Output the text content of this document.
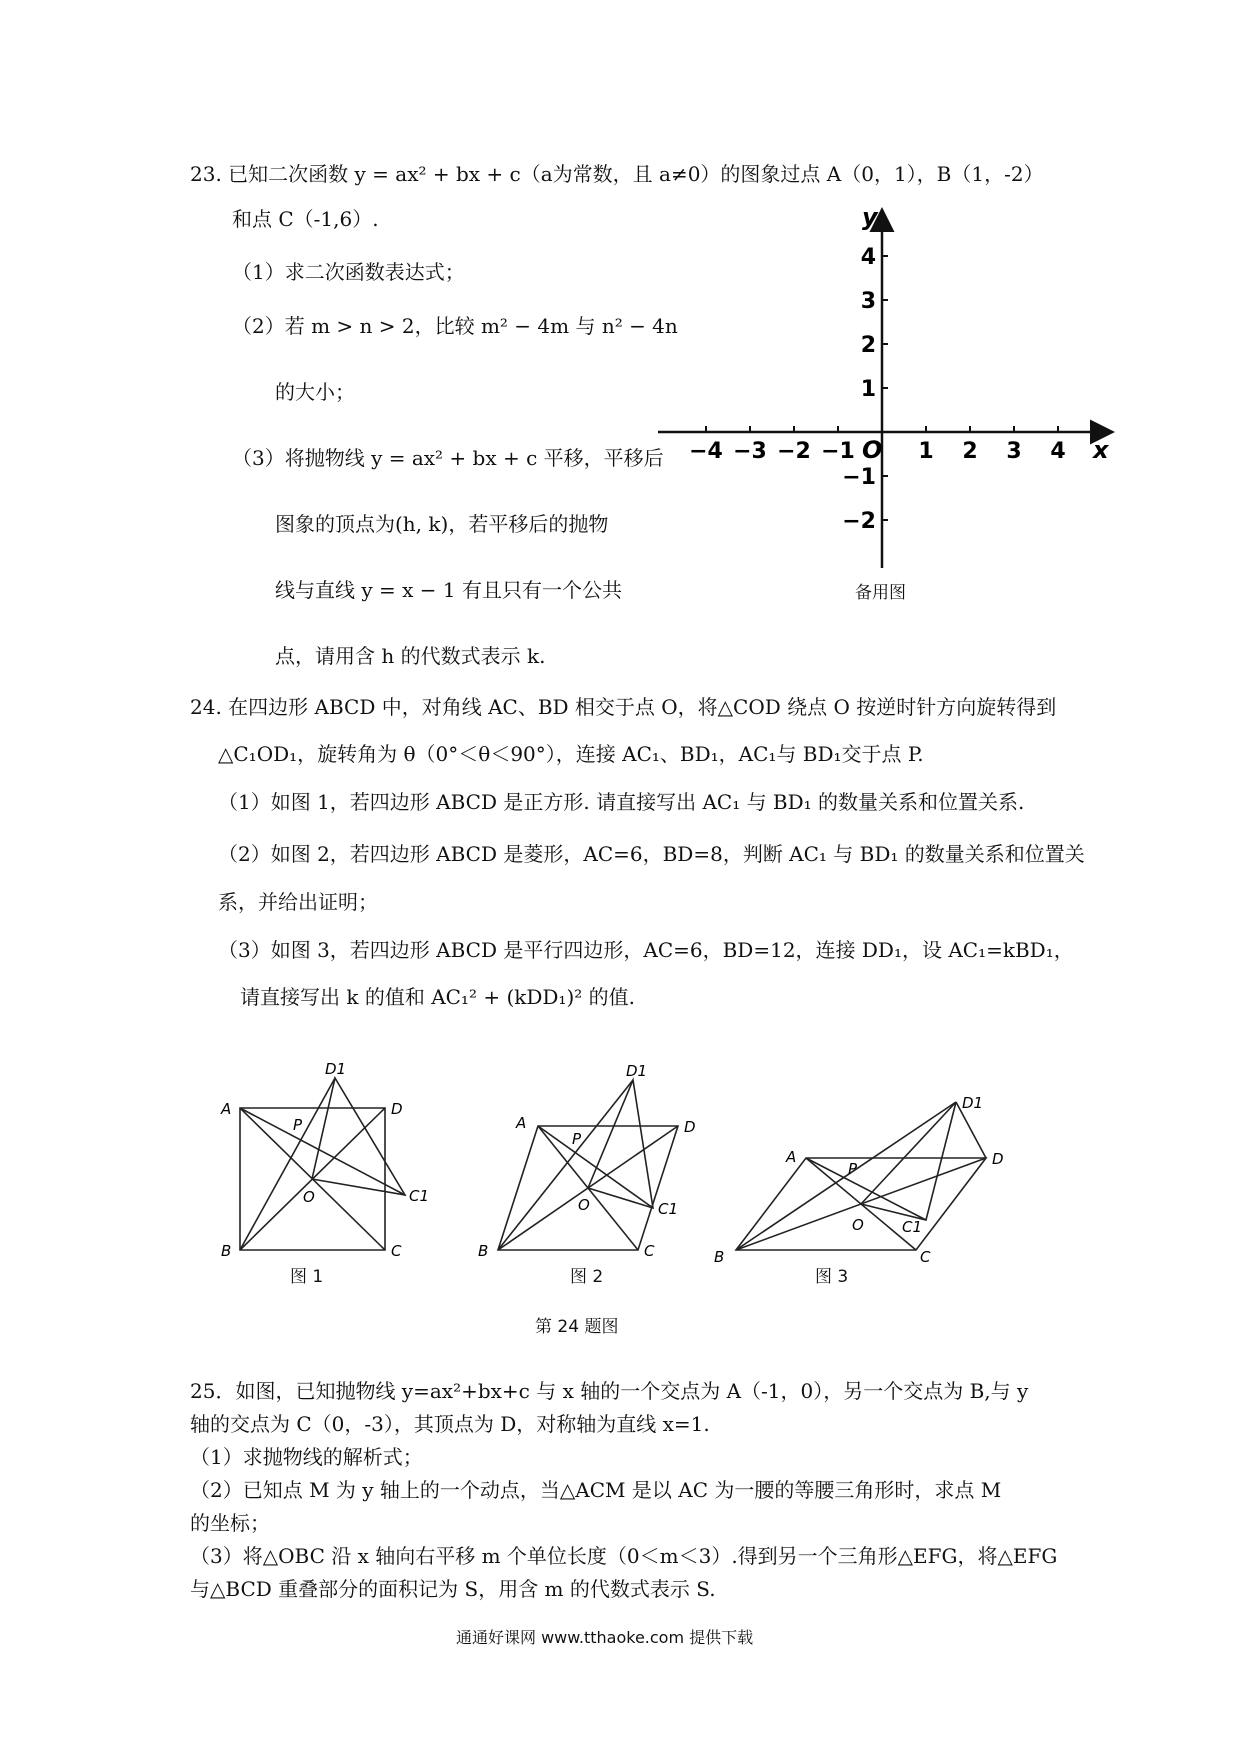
23. 已知二次函数 y = ax² + bx + c（a为常数，且 a≠0）的图象过点 A（0，1），B（1，-2）
和点 C（-1,6）.
（1）求二次函数表达式；
（2）若 m > n > 2，比较 m² − 4m 与 n² − 4n
的大小；
（3）将抛物线 y = ax² + bx + c 平移，平移后
图象的顶点为(h, k)，若平移后的抛物
线与直线 y = x − 1 有且只有一个公共
点，请用含 h 的代数式表示 k.
−4 −3 −2 −1	1 2 3 4
4
3
2
1
−1
−2
y
x
O
备用图
24. 在四边形 ABCD 中，对角线 AC、BD 相交于点 O，将△COD 绕点 O 按逆时针方向旋转得到
△C₁OD₁，旋转角为 θ（0°＜θ＜90°），连接 AC₁、BD₁，AC₁与 BD₁交于点 P.
（1）如图 1，若四边形 ABCD 是正方形. 请直接写出 AC₁ 与 BD₁ 的数量关系和位置关系.
（2）如图 2，若四边形 ABCD 是菱形，AC=6，BD=8，判断 AC₁ 与 BD₁ 的数量关系和位置关
系，并给出证明；
（3）如图 3，若四边形 ABCD 是平行四边形，AC=6，BD=12，连接 DD₁，设 AC₁=kBD₁，
请直接写出 k 的值和 AC₁² + (kDD₁)² 的值.
A	D
B	C
O
P
D1
C1
图 1
A	D
B	C
O
P
D1
C1
图 2
A	D
B	C
O
P
D1
C1
图 3
第 24 题图
25．如图，已知抛物线 y=ax²+bx+c 与 x 轴的一个交点为 A（-1，0），另一个交点为 B,与 y
轴的交点为 C（0，-3），其顶点为 D，对称轴为直线 x=1.
（1）求抛物线的解析式；
（2）已知点 M 为 y 轴上的一个动点，当△ACM 是以 AC 为一腰的等腰三角形时，求点 M
的坐标；
（3）将△OBC 沿 x 轴向右平移 m 个单位长度（0＜m＜3）.得到另一个三角形△EFG，将△EFG
与△BCD 重叠部分的面积记为 S，用含 m 的代数式表示 S.
通通好课网 www.tthaoke.com 提供下载
